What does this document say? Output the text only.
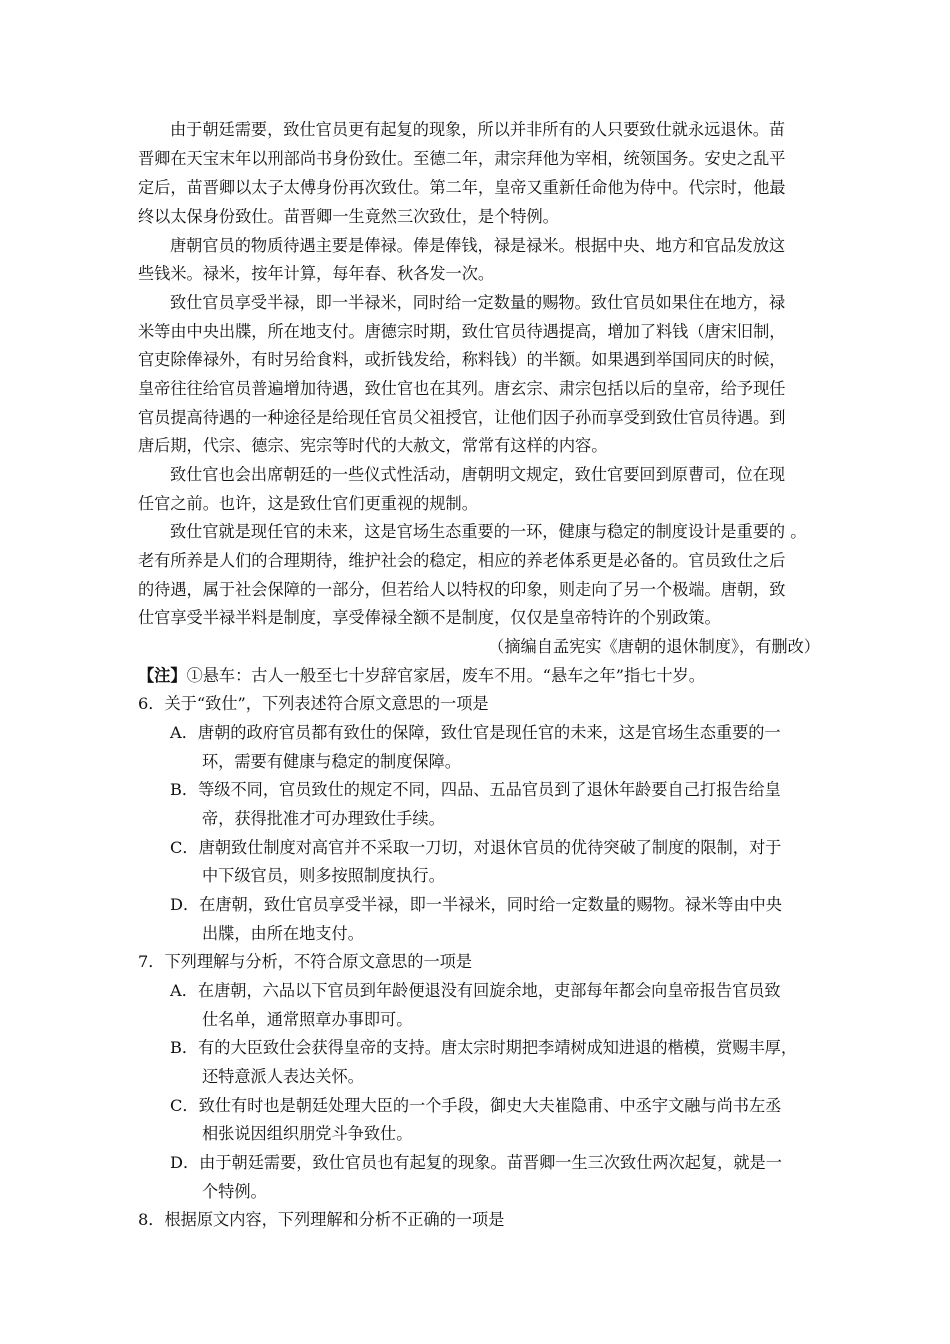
由于朝廷需要，致仕官员更有起复的现象，所以并非所有的人只要致仕就永远退休。苗
晋卿在天宝末年以刑部尚书身份致仕。至德二年，肃宗拜他为宰相，统领国务。安史之乱平
定后，苗晋卿以太子太傅身份再次致仕。第二年，皇帝又重新任命他为侍中。代宗时，他最
终以太保身份致仕。苗晋卿一生竟然三次致仕，是个特例。
唐朝官员的物质待遇主要是俸禄。俸是俸钱，禄是禄米。根据中央、地方和官品发放这
些钱米。禄米，按年计算，每年春、秋各发一次。
致仕官员享受半禄，即一半禄米，同时给一定数量的赐物。致仕官员如果住在地方，禄
米等由中央出牒，所在地支付。唐德宗时期，致仕官员待遇提高，增加了料钱（唐宋旧制，
官吏除俸禄外，有时另给食料，或折钱发给，称料钱）的半额。如果遇到举国同庆的时候，
皇帝往往给官员普遍增加待遇，致仕官也在其列。唐玄宗、肃宗包括以后的皇帝，给予现任
官员提高待遇的一种途径是给现任官员父祖授官，让他们因子孙而享受到致仕官员待遇。到
唐后期，代宗、德宗、宪宗等时代的大赦文，常常有这样的内容。
致仕官也会出席朝廷的一些仪式性活动，唐朝明文规定，致仕官要回到原曹司，位在现
任官之前。也许，这是致仕官们更重视的规制。
致仕官就是现任官的未来，这是官场生态重要的一环，健康与稳定的制度设计是重要的 。
老有所养是人们的合理期待，维护社会的稳定，相应的养老体系更是必备的。官员致仕之后
的待遇，属于社会保障的一部分，但若给人以特权的印象，则走向了另一个极端。唐朝，致
仕官享受半禄半料是制度，享受俸禄全额不是制度，仅仅是皇帝特许的个别政策。
（摘编自孟宪实《唐朝的退休制度》，有删改）
【注】①悬车：古人一般至七十岁辞官家居，废车不用。“悬车之年”指七十岁。
6．关于“致仕”，下列表述符合原文意思的一项是
A．唐朝的政府官员都有致仕的保障，致仕官是现任官的未来，这是官场生态重要的一
环，需要有健康与稳定的制度保障。
B．等级不同，官员致仕的规定不同，四品、五品官员到了退休年龄要自己打报告给皇
帝，获得批准才可办理致仕手续。
C．唐朝致仕制度对高官并不采取一刀切，对退休官员的优待突破了制度的限制，对于
中下级官员，则多按照制度执行。
D．在唐朝，致仕官员享受半禄，即一半禄米，同时给一定数量的赐物。禄米等由中央
出牒，由所在地支付。
7．下列理解与分析，不符合原文意思的一项是
A．在唐朝，六品以下官员到年龄便退没有回旋余地，吏部每年都会向皇帝报告官员致
仕名单，通常照章办事即可。
B．有的大臣致仕会获得皇帝的支持。唐太宗时期把李靖树成知进退的楷模，赏赐丰厚，
还特意派人表达关怀。
C．致仕有时也是朝廷处理大臣的一个手段，御史大夫崔隐甫、中丞宇文融与尚书左丞
相张说因组织朋党斗争致仕。
D．由于朝廷需要，致仕官员也有起复的现象。苗晋卿一生三次致仕两次起复，就是一
个特例。
8．根据原文内容，下列理解和分析不正确的一项是
